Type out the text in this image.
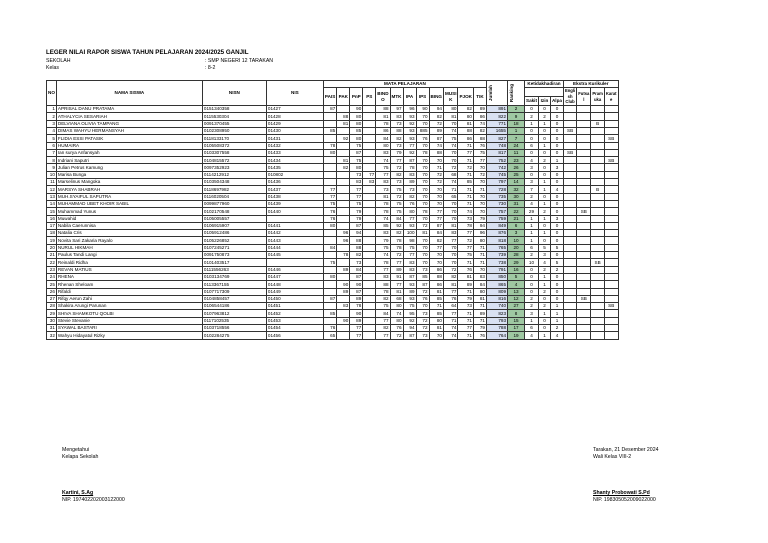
LEGER NILAI RAPOR SISWA TAHUN PELAJARAN 2024/2025 GANJIL
SEKOLAH	: SMP NEGERI 12 TARAKAN
Kelas	: 8-2
NO	NAMA SISWA	NISN	NIS	MATA PELAJARAN												Jumlah	Ranking	Ketidakhadiran			Ekstra Kurikuler			
				PAIS	PAK	PnP	PS	BIND O	MTK	IPA	IPS	BING	MUSI K	PJOK	TIK						Engli sh Club	Futsa l	Pram uka	Karat e
																		Sakit	Izin	Alpa				
1	APRISAL DANU PRATAMA	0151340358	01427	87		90		88	97	96	90	94	80	82	89	891	2	0	0	0				
2	ATHALYCIA SESARIAH	0115530304	01428		88	80		81	83	93	70	82	81	80	86	822	9	2	2	0				
3	DELVIANA OLIVIA TAMPANG	0091370455	01429		81	80		78	73	92	70	72	70	81	74	771	18	1	1	0			B	
4	DIMAS WAHYU HERMANSYAH	0102308950	01430	85		85		86	88	93	885	89	74	88	82	1655	1	0	0	0	SB			
5	FLIDIA ESSI PATASIK	0118133170	01431		92	80		84	82	93	76	87	75	86	88	827	7	0	0	0				SB
6	HUMAIRA	0105508372	01432	78		75		80	73	77	70	74	74	71	76	748	24	6	1	0				
7	Ian surya Anfansyah	0103307558	01433	80		87		83	79	92	78	88	70	77	75	817	11	0	0	0	SB			
8	Indriani Saputri	0104815572	01434		81	75		74	77	87	70	70	70	71	77	752	23	4	2	1				SB
9	Julian Petrus Kamung	0097352923	01435		82	80		75	72	78	70	71	72	72	70	742	26	3	0	3				
10	Marisa Bunga	0114212912	010802			73	77	77	82	83	70	72	68	71	72	745	25	0	0	0				
11	Marselinus Mangoka	0103504348	01436			83	83	83	73	89	70	72	74	85	70	797	14	3	1	0				
12	MARSYA SHABRAH	0118697982	01437	77		77		73	75	73	70	70	71	71	71	728	32	7	1	4			B	
13	MUH.SYAIFUL SAPUTRA	0116020504	01438	77		77		81	72	82	70	70	65	71	70	735	30	2	0	0				
14	MUHAMMAD UBET KHOIR SABIL	0099877960	01439	75		75		78	75	76	70	70	70	71	70	730	31	4	1	0				
15	Muhammad Yunus	0102170548	01440	76		79		78	75	80	78	77	70	74	70	757	22	29	2	0		SB		
16	Muwahid	0105005557		76		79		74	84	77	70	77	70	73	79	759	21	1	1	3				
17	Nabila Caerunnisa	0106915907	01441	80		87		85	92	93	72	87	81	78	94	849	6	1	0	0				
18	Natalia Cris	0105912486	01442		96	94		83	82	100	81	84	83	77	96	876	3	1	1	0				
19	Novita Sari Zakaria Rayalo	0105226852	01443		96	88		79	78	98	70	82	77	72	80	818	10	1	0	0				
20	NURUL HIKMAH	0107245271	01444	84		88		75	78	75	70	77	70	77	71	765	20	6	5	5				
21	Paulus Tandi Langi	0091750873	01445		78	82		74	72	77	70	70	70	75	71	739	28	2	3	0				
22	Reinaldi Ridha	0101403517		75		73		78	77	83	70	70	70	71	71	738	29	10	4	5			SB	
23	REVAN MATIUS	0111556263	01446		89	84		77	89	83	73	86	72	76	70	791	16	0	2	2				
24	RHENA	0103134769	01447	80		87		83	91	87	85	88	82	81	83	850	5	0	1	0				
25	Rhenan Sheloam	0113367155	01448		90	90		88	77	93	87	86	81	89	84	865	4	0	1	0				
26	Rifaldi	0107717309	01449		89	87		78	81	89	72	81	77	71	80	809	13	0	2	0				
27	Rifqy Aerun Zahi	0104858457	01450	87		89		82	68	93	76	85	76	79	81	816	12	2	0	0		SB		
28	Shakira Arungi Parunan	0106544186	01451		83	78		75	80	75	70	71	64	73	71	740	27	2	2	1				SB
29	SHIVA SHAMKOTU QOLBI	0107963812	01452	85		90		84	74	95	73	85	77	71	89	823	8	3	1	1				
30	Stevie Stevanie	0117102535	01453		90	89		77	80	92	72	80	71	71	71	793	15	1	0	1				
31	SYAWAL BASTARI	0103718556	01454	76		77		82	76	94	72	81	74	77	79	788	17	6	0	2				
32	Wahyu Hidayatul Rizky	0102284275	01456	65		77		77	72	87	73	70	74	71	76	764	19	4	1	4				
Mengetahui
Kelapa Sekolah
Kartini, S.Ag
NIP. 197402202003122000
Tarakan, 21 Desember 2024
Wali Kelas VIII-2
Shanty Probowati S.Pd
NIP. 198305052009022000
